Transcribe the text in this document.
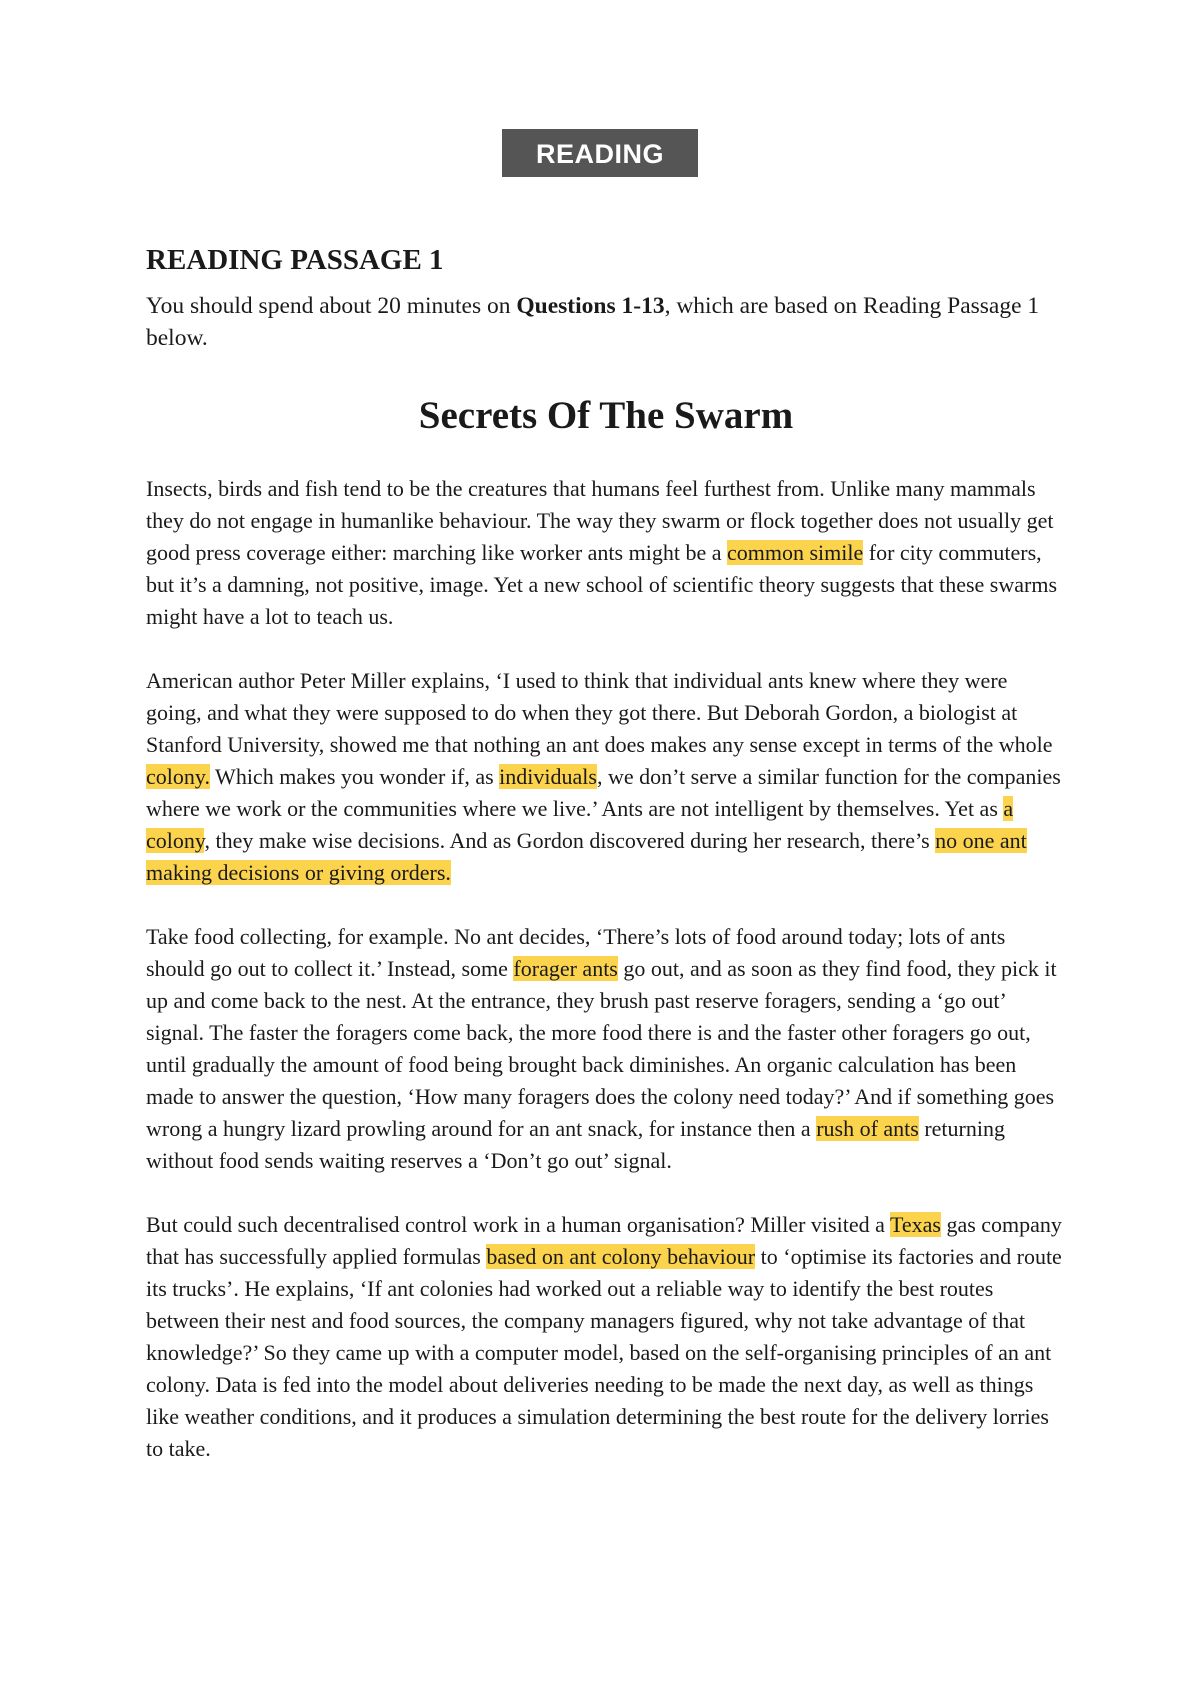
READING
READING PASSAGE 1

You should spend about 20 minutes on Questions 1-13, which are based on Reading Passage 1 below.

Secrets Of The Swarm

Insects, birds and fish tend to be the creatures that humans feel furthest from. Unlike many mammals they do not engage in humanlike behaviour. The way they swarm or flock together does not usually get good press coverage either: marching like worker ants might be a common simile for city commuters, but it’s a damning, not positive, image. Yet a new school of scientific theory suggests that these swarms might have a lot to teach us.

American author Peter Miller explains, ‘I used to think that individual ants knew where they were going, and what they were supposed to do when they got there. But Deborah Gordon, a biologist at Stanford University, showed me that nothing an ant does makes any sense except in terms of the whole colony. Which makes you wonder if, as individuals, we don’t serve a similar function for the companies where we work or the communities where we live.’ Ants are not intelligent by themselves. Yet as a colony, they make wise decisions. And as Gordon discovered during her research, there’s no one ant making decisions or giving orders.

Take food collecting, for example. No ant decides, ‘There’s lots of food around today; lots of ants should go out to collect it.’ Instead, some forager ants go out, and as soon as they find food, they pick it up and come back to the nest. At the entrance, they brush past reserve foragers, sending a ‘go out’ signal. The faster the foragers come back, the more food there is and the faster other foragers go out, until gradually the amount of food being brought back diminishes. An organic calculation has been made to answer the question, ‘How many foragers does the colony need today?’ And if something goes wrong a hungry lizard prowling around for an ant snack, for instance then a rush of ants returning without food sends waiting reserves a ‘Don’t go out’ signal.

But could such decentralised control work in a human organisation? Miller visited a Texas gas company that has successfully applied formulas based on ant colony behaviour to ‘optimise its factories and route its trucks’. He explains, ‘If ant colonies had worked out a reliable way to identify the best routes between their nest and food sources, the company managers figured, why not take advantage of that knowledge?’ So they came up with a computer model, based on the self-organising principles of an ant colony. Data is fed into the model about deliveries needing to be made the next day, as well as things like weather conditions, and it produces a simulation determining the best route for the delivery lorries to take.
